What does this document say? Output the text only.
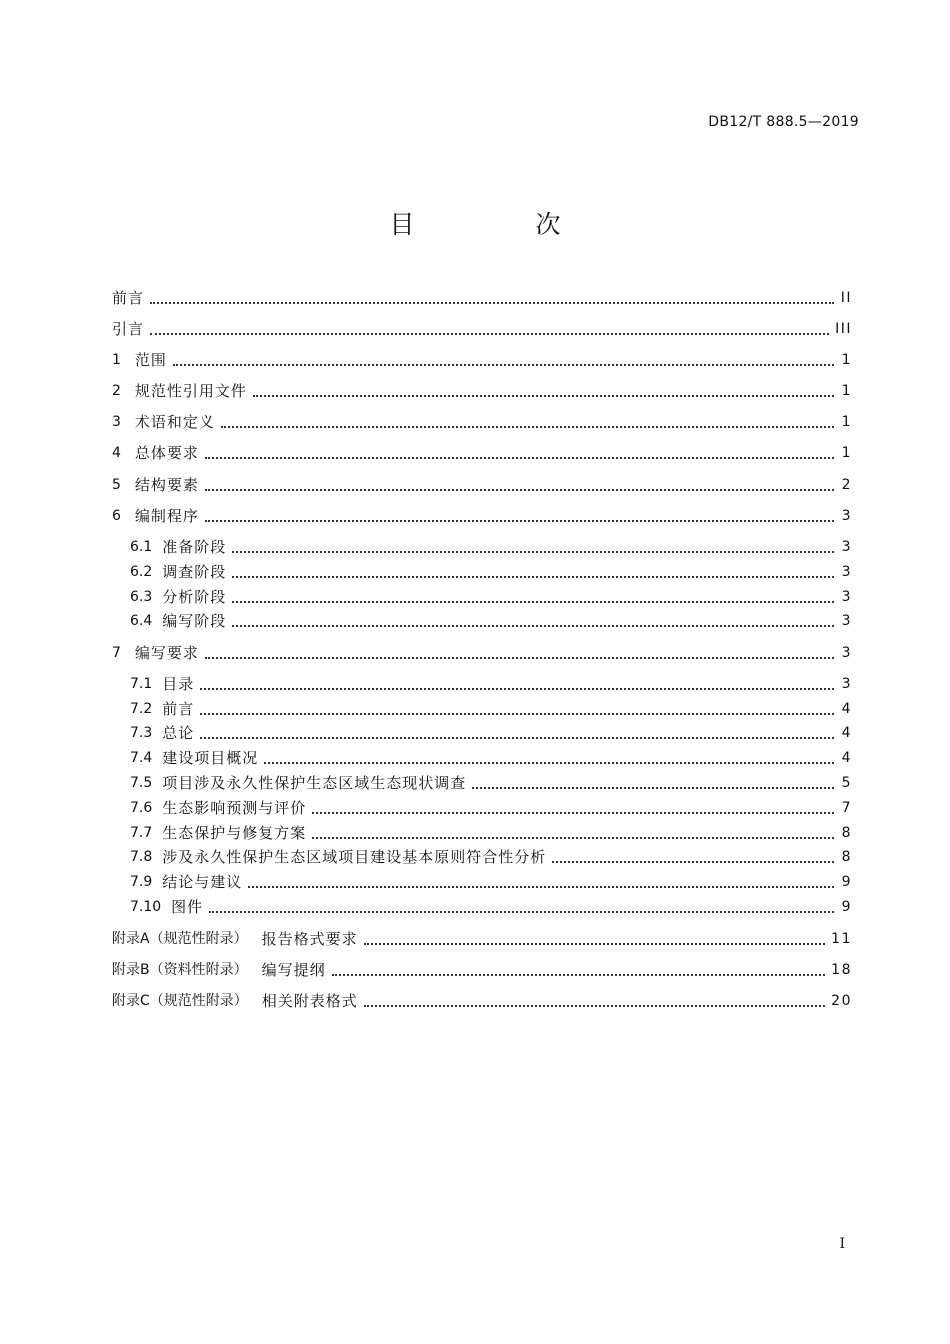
DB12/T 888.5—2019
目　次
前言	II
引言	III
1 范围	1
2 规范性引用文件	1
3 术语和定义	1
4 总体要求	1
5 结构要素	2
6 编制程序	3
6.1 准备阶段	3
6.2 调查阶段	3
6.3 分析阶段	3
6.4 编写阶段	3
7 编写要求	3
7.1 目录	3
7.2 前言	4
7.3 总论	4
7.4 建设项目概况	4
7.5 项目涉及永久性保护生态区域生态现状调查	5
7.6 生态影响预测与评价	7
7.7 生态保护与修复方案	8
7.8 涉及永久性保护生态区域项目建设基本原则符合性分析	8
7.9 结论与建议	9
7.10 图件	9
附录A（规范性附录） 报告格式要求	11
附录B（资料性附录） 编写提纲	18
附录C（规范性附录） 相关附表格式	20
I
